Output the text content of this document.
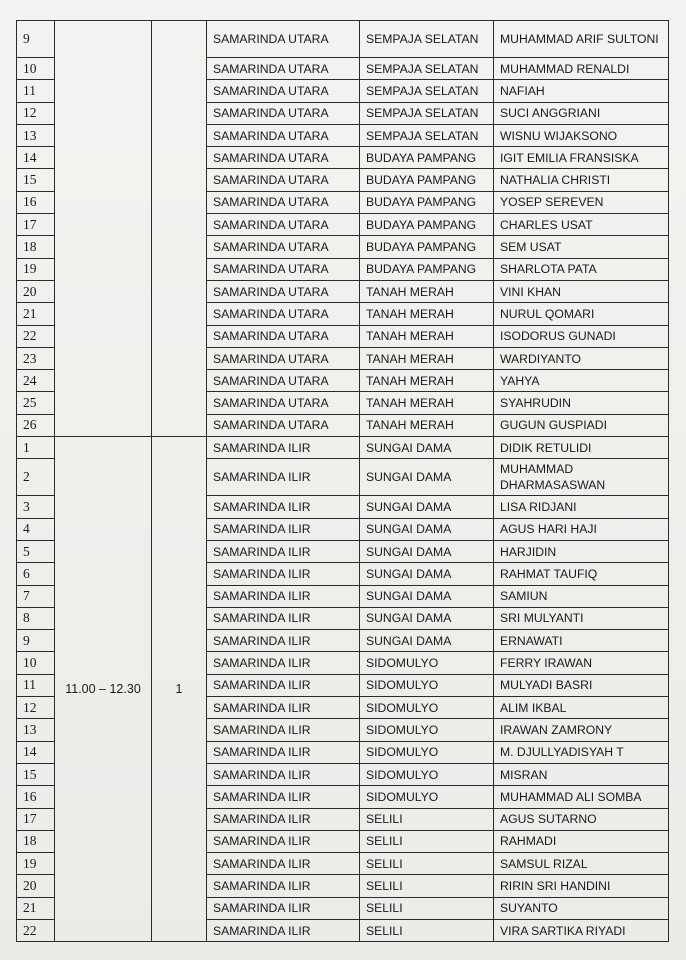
9			SAMARINDA UTARA	SEMPAJA SELATAN	MUHAMMAD ARIF SULTONI
10			SAMARINDA UTARA	SEMPAJA SELATAN	MUHAMMAD RENALDI
11			SAMARINDA UTARA	SEMPAJA SELATAN	NAFIAH
12			SAMARINDA UTARA	SEMPAJA SELATAN	SUCI ANGGRIANI
13			SAMARINDA UTARA	SEMPAJA SELATAN	WISNU WIJAKSONO
14			SAMARINDA UTARA	BUDAYA PAMPANG	IGIT EMILIA FRANSISKA
15			SAMARINDA UTARA	BUDAYA PAMPANG	NATHALIA CHRISTI
16			SAMARINDA UTARA	BUDAYA PAMPANG	YOSEP SEREVEN
17			SAMARINDA UTARA	BUDAYA PAMPANG	CHARLES USAT
18			SAMARINDA UTARA	BUDAYA PAMPANG	SEM USAT
19			SAMARINDA UTARA	BUDAYA PAMPANG	SHARLOTA PATA
20			SAMARINDA UTARA	TANAH MERAH	VINI KHAN
21			SAMARINDA UTARA	TANAH MERAH	NURUL QOMARI
22			SAMARINDA UTARA	TANAH MERAH	ISODORUS GUNADI
23			SAMARINDA UTARA	TANAH MERAH	WARDIYANTO
24			SAMARINDA UTARA	TANAH MERAH	YAHYA
25			SAMARINDA UTARA	TANAH MERAH	SYAHRUDIN
26			SAMARINDA UTARA	TANAH MERAH	GUGUN GUSPIADI
1	11.00 – 12.30	1	SAMARINDA ILIR	SUNGAI DAMA	DIDIK RETULIDI
2			SAMARINDA ILIR	SUNGAI DAMA	MUHAMMAD DHARMASASWAN
3			SAMARINDA ILIR	SUNGAI DAMA	LISA RIDJANI
4			SAMARINDA ILIR	SUNGAI DAMA	AGUS HARI HAJI
5			SAMARINDA ILIR	SUNGAI DAMA	HARJIDIN
6			SAMARINDA ILIR	SUNGAI DAMA	RAHMAT TAUFIQ
7			SAMARINDA ILIR	SUNGAI DAMA	SAMIUN
8			SAMARINDA ILIR	SUNGAI DAMA	SRI MULYANTI
9			SAMARINDA ILIR	SUNGAI DAMA	ERNAWATI
10			SAMARINDA ILIR	SIDOMULYO	FERRY IRAWAN
11			SAMARINDA ILIR	SIDOMULYO	MULYADI BASRI
12			SAMARINDA ILIR	SIDOMULYO	ALIM IKBAL
13			SAMARINDA ILIR	SIDOMULYO	IRAWAN ZAMRONY
14			SAMARINDA ILIR	SIDOMULYO	M. DJULLYADISYAH T
15			SAMARINDA ILIR	SIDOMULYO	MISRAN
16			SAMARINDA ILIR	SIDOMULYO	MUHAMMAD ALI SOMBA
17			SAMARINDA ILIR	SELILI	AGUS SUTARNO
18			SAMARINDA ILIR	SELILI	RAHMADI
19			SAMARINDA ILIR	SELILI	SAMSUL RIZAL
20			SAMARINDA ILIR	SELILI	RIRIN SRI HANDINI
21			SAMARINDA ILIR	SELILI	SUYANTO
22			SAMARINDA ILIR	SELILI	VIRA SARTIKA RIYADI
